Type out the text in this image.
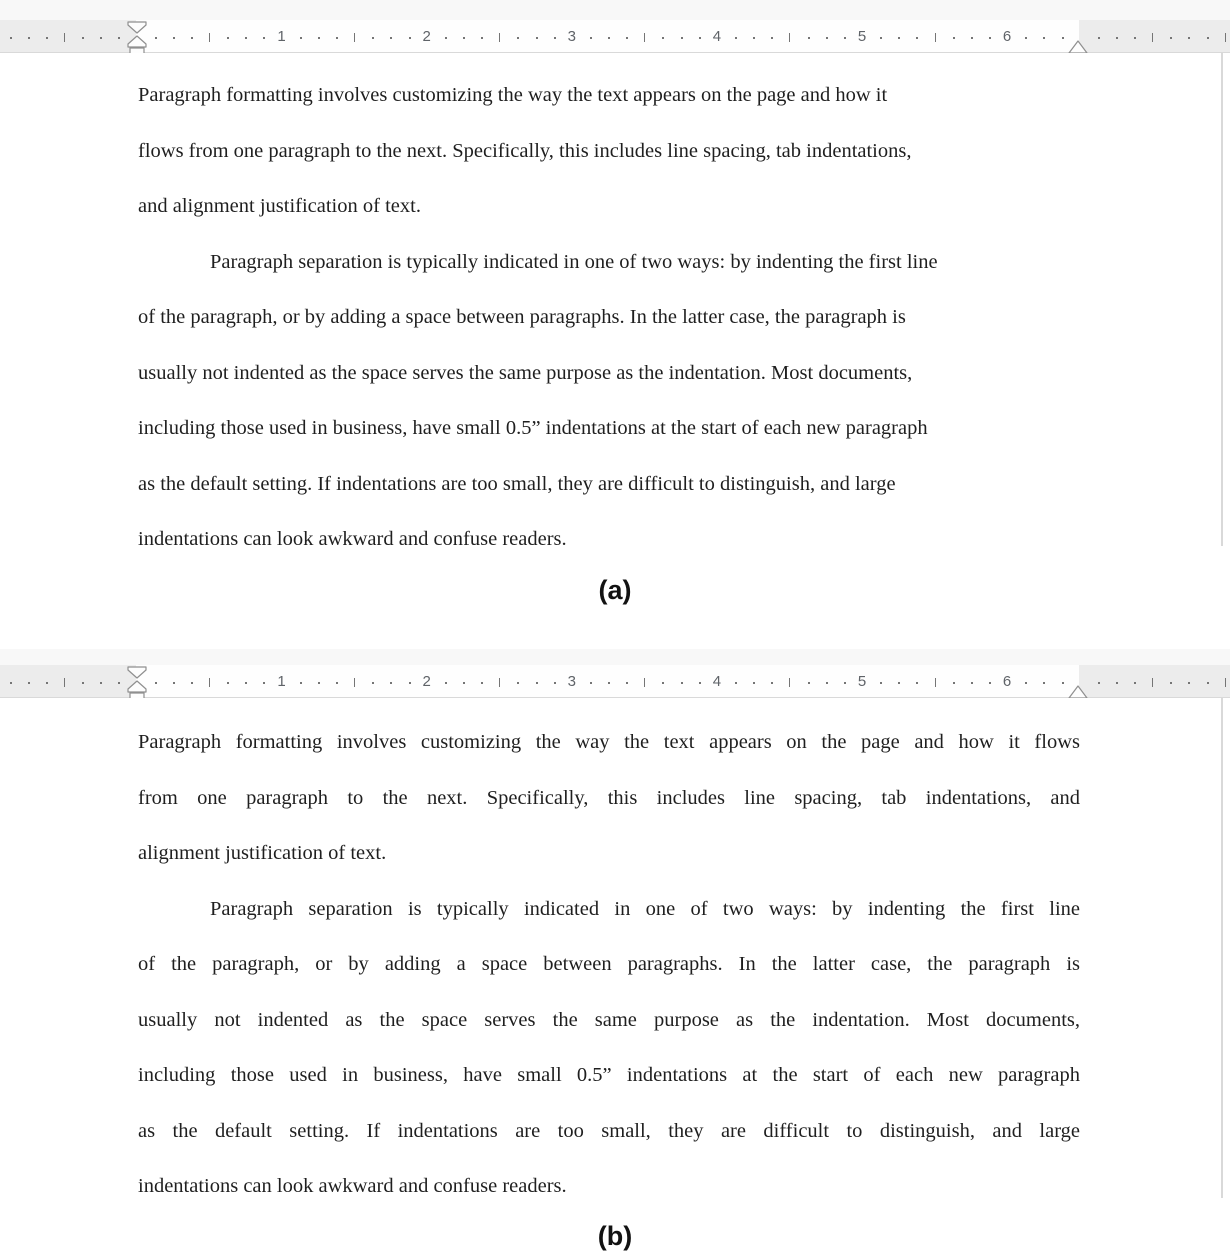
1	2	3	4	5	6
Paragraph formatting involves customizing the way the text appears on the page and how it
flows from one paragraph to the next. Specifically, this includes line spacing, tab indentations,
and alignment justification of text.
Paragraph separation is typically indicated in one of two ways: by indenting the first line
of the paragraph, or by adding a space between paragraphs. In the latter case, the paragraph is
usually not indented as the space serves the same purpose as the indentation. Most documents,
including those used in business, have small 0.5” indentations at the start of each new paragraph
as the default setting. If indentations are too small, they are difficult to distinguish, and large
indentations can look awkward and confuse readers.
(a)
1	2	3	4	5	6
Paragraph formatting involves customizing the way the text appears on the page and how it flows
from one paragraph to the next. Specifically, this includes line spacing, tab indentations, and
alignment justification of text.
Paragraph separation is typically indicated in one of two ways: by indenting the first line
of the paragraph, or by adding a space between paragraphs. In the latter case, the paragraph is
usually not indented as the space serves the same purpose as the indentation. Most documents,
including those used in business, have small 0.5” indentations at the start of each new paragraph
as the default setting. If indentations are too small, they are difficult to distinguish, and large
indentations can look awkward and confuse readers.
(b)
